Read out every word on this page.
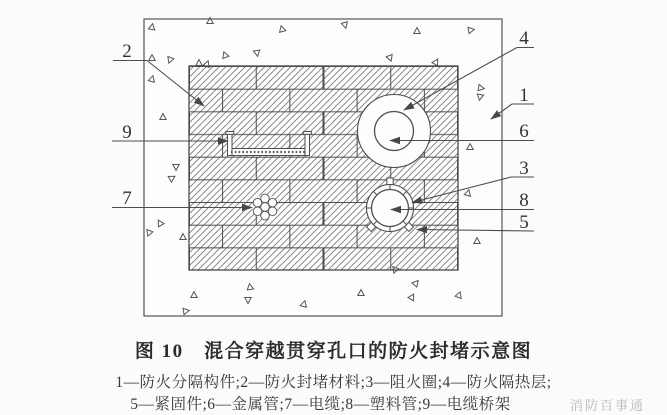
2
9
7
4
1
6
3
8
5
图 10　混合穿越贯穿孔口的防火封堵示意图
1—防火分隔构件;2—防火封堵材料;3—阻火圈;4—防火隔热层;
5—紧固件;6—金属管;7—电缆;8—塑料管;9—电缆桥架	消防百事通
